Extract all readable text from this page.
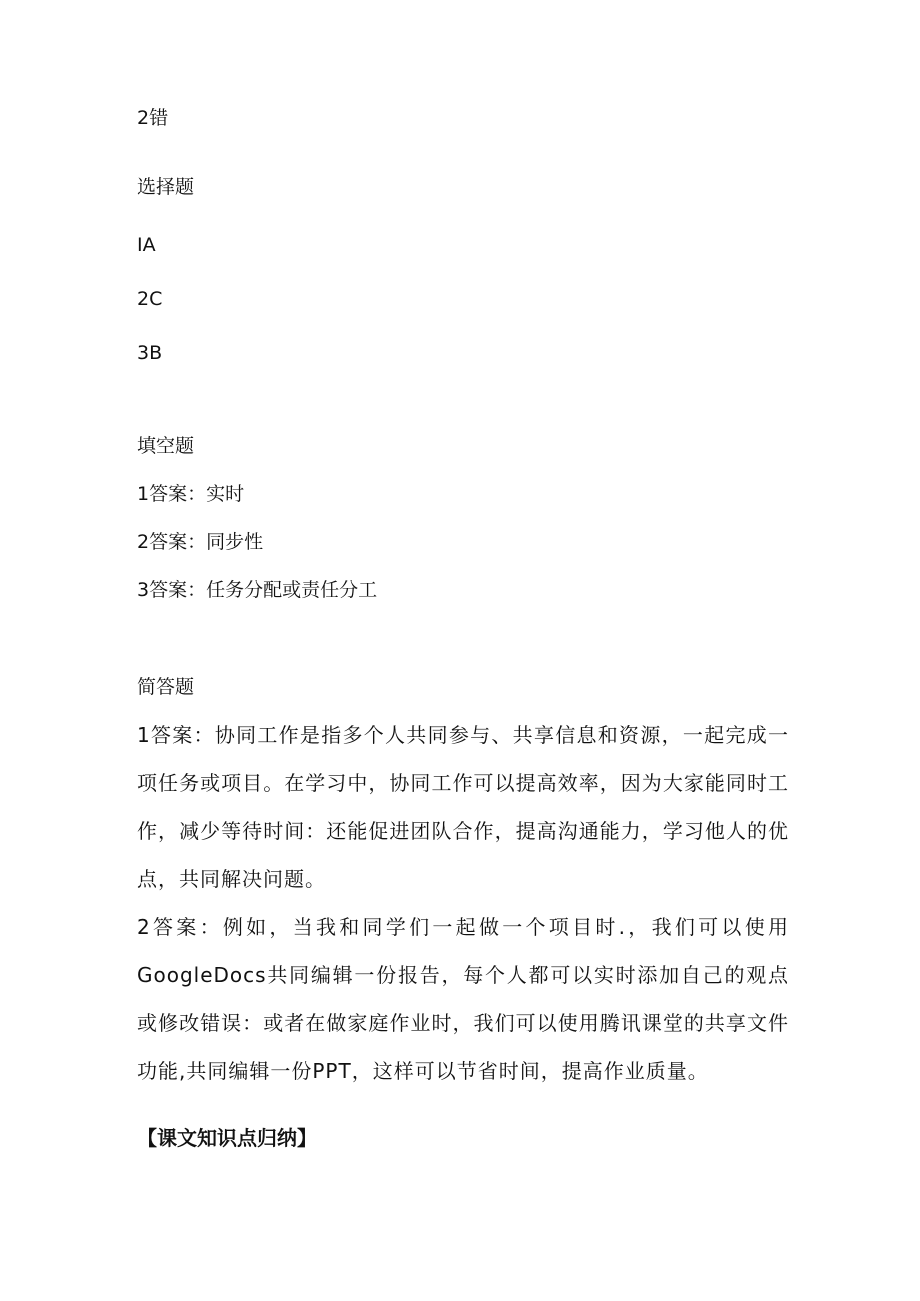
2错
选择题
IA
2C
3B
填空题
1答案：实时
2答案：同步性
3答案：任务分配或责任分工
简答题
1答案：协同工作是指多个人共同参与、共享信息和资源，一起完成一项任务或项目。在学习中，协同工作可以提高效率，因为大家能同时工作，减少等待时间：还能促进团队合作，提高沟通能力，学习他人的优点，共同解决问题。
2答案：例如，当我和同学们一起做一个项目时.，我们可以使用GoogleDocs共同编辑一份报告，每个人都可以实时添加自己的观点或修改错误：或者在做家庭作业时，我们可以使用腾讯课堂的共享文件功能,共同编辑一份PPT，这样可以节省时间，提高作业质量。
【课文知识点归纳】
